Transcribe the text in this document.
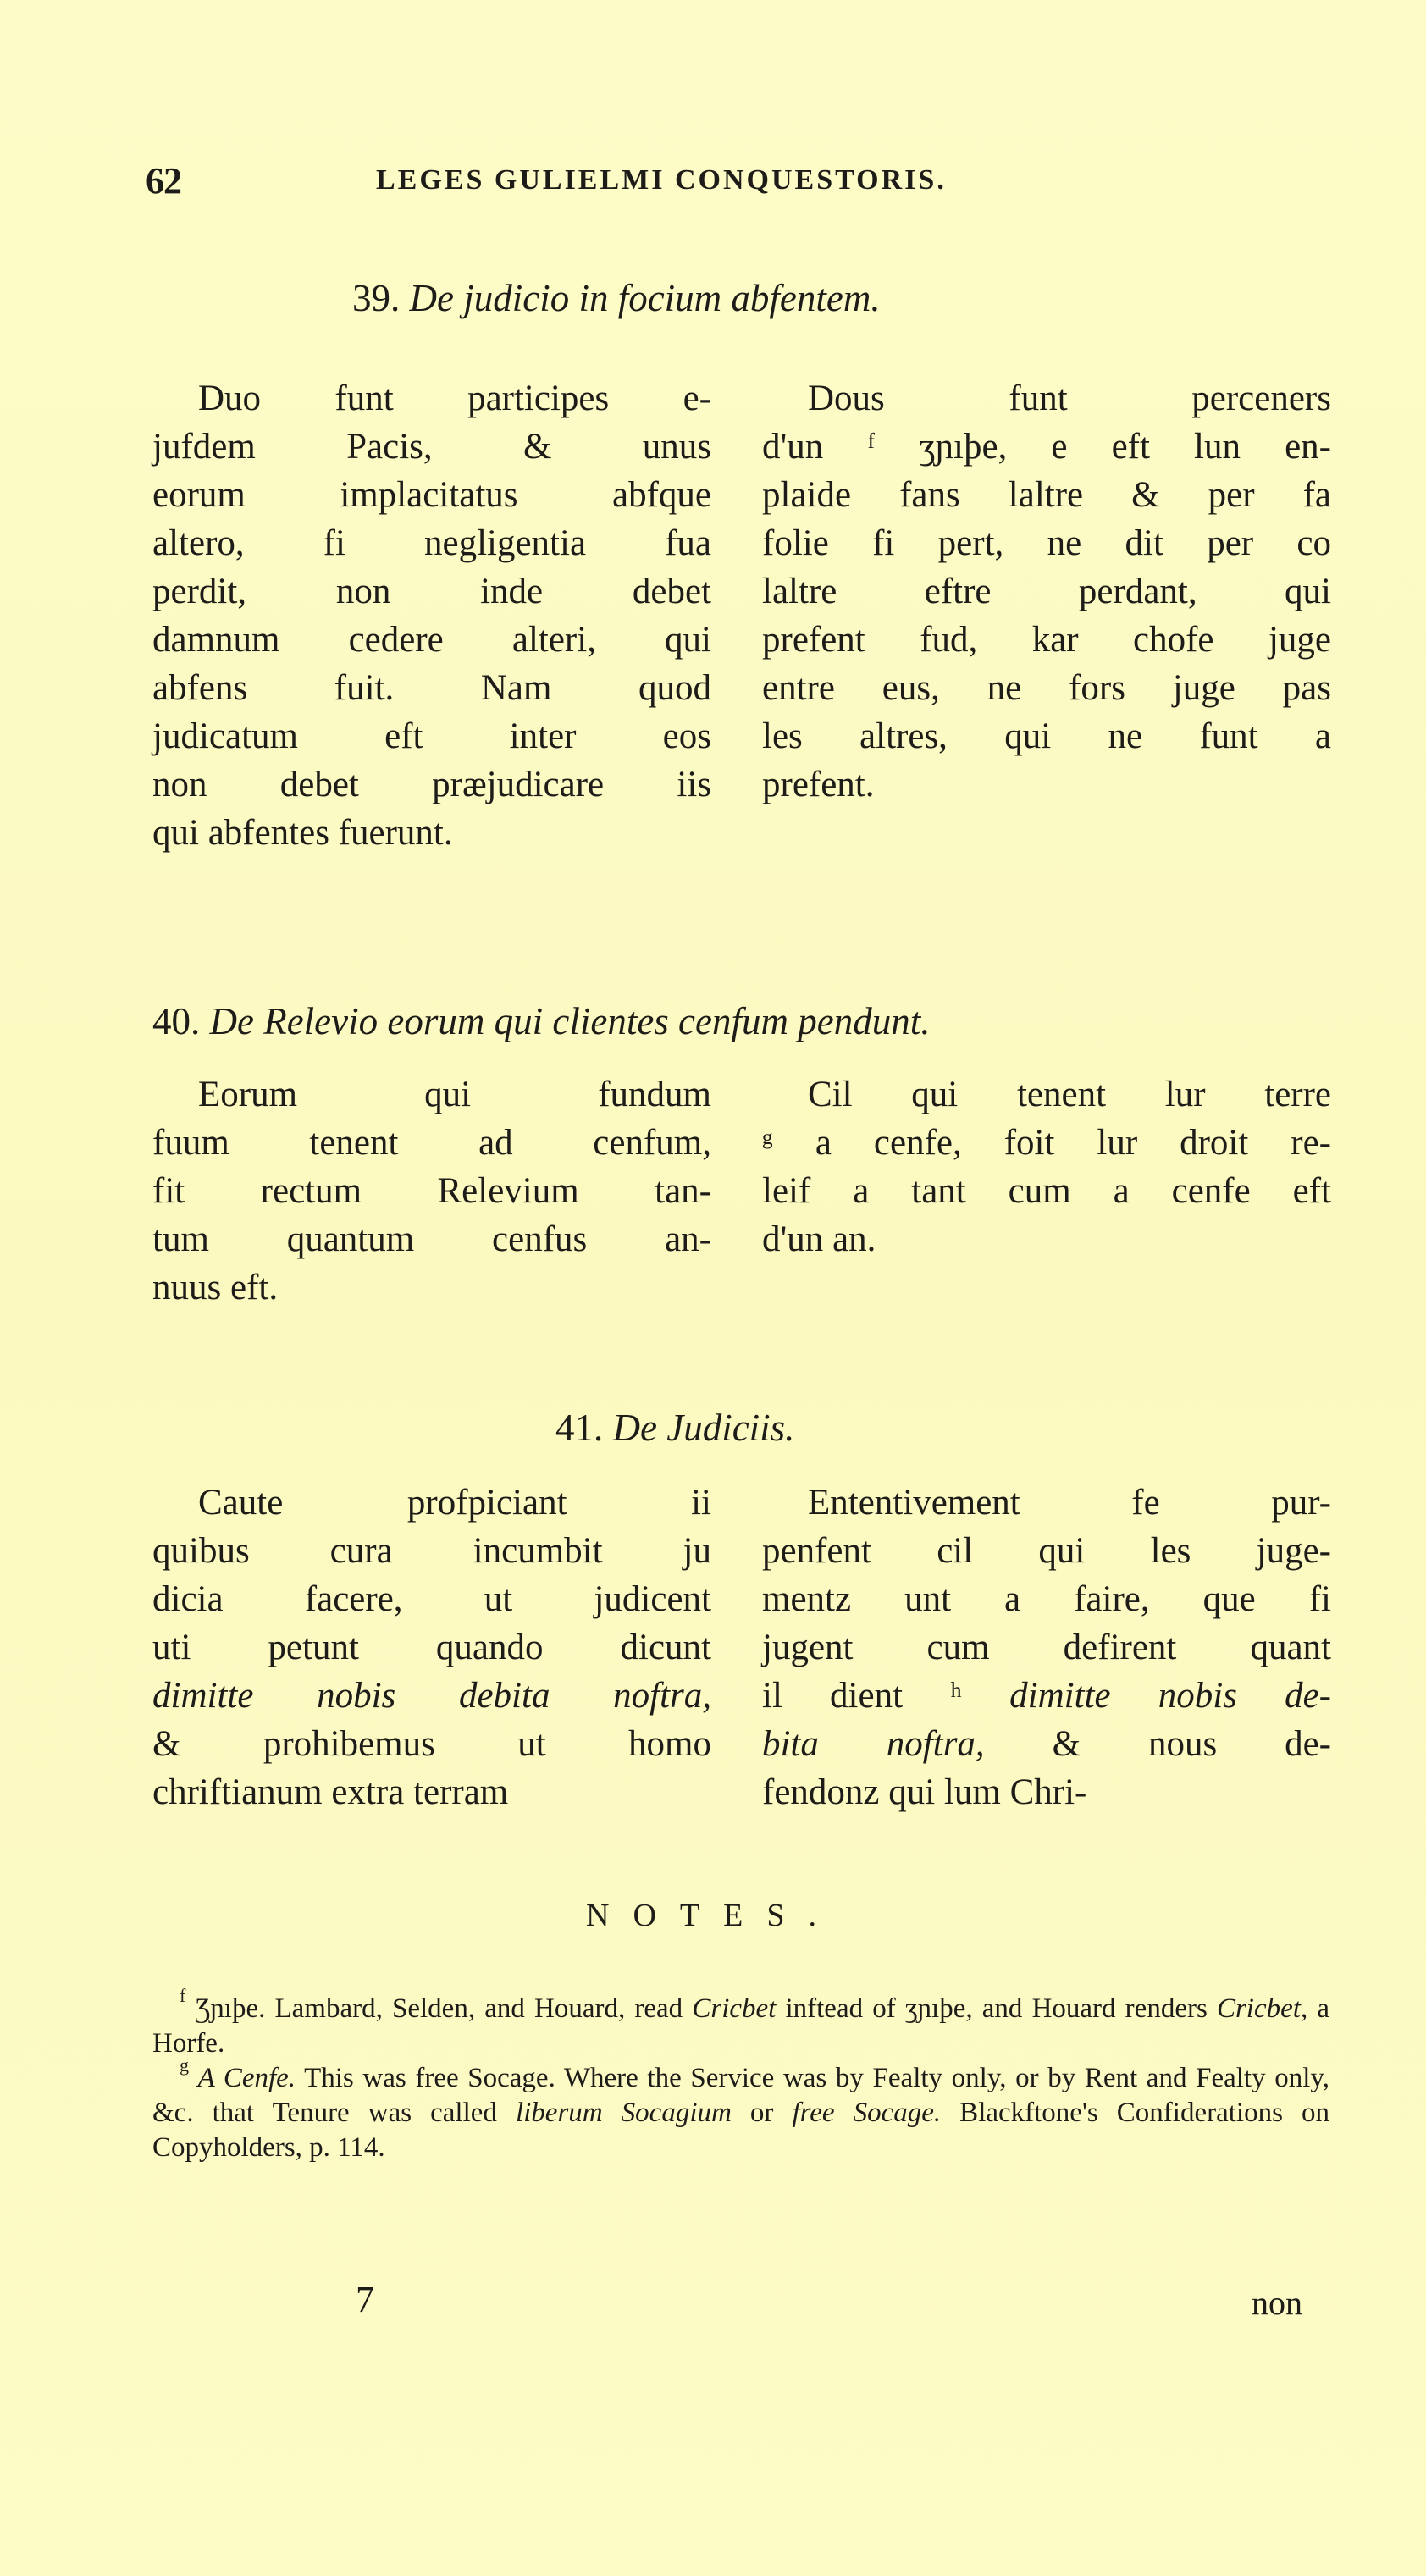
62	LEGES GULIELMI CONQUESTORIS.
39. De judicio in focium abfentem.
Duo funt participes e-
jufdem Pacis, & unus
eorum implacitatus abfque
altero, fi negligentia fua
perdit, non inde debet
damnum cedere alteri, qui
abfens fuit. Nam quod
judicatum eft inter eos
non debet præjudicare iis
qui abfentes fuerunt.
Dous funt perceners
d'un ᶠ ʒɲıþe, e eft lun en-
plaide fans laltre & per fa
folie fi pert, ne dit per co
laltre eftre perdant, qui
prefent fud, kar chofe juge
entre eus, ne fors juge pas
les altres, qui ne funt a
prefent.
40. De Relevio eorum qui clientes cenfum pendunt.
Eorum qui fundum
fuum tenent ad cenfum,
fit rectum Relevium tan-
tum quantum cenfus an-
nuus eft.
Cil qui tenent lur terre
ᵍ a cenfe, foit lur droit re-
leif a tant cum a cenfe eft
d'un an.
41. De Judiciis.
Caute profpiciant ii
quibus cura incumbit ju
dicia facere, ut judicent
uti petunt quando dicunt
dimitte nobis debita noftra,
& prohibemus ut homo
chriftianum extra terram
Ententivement fe pur-
penfent cil qui les juge-
mentz unt a faire, que fi
jugent cum defirent quant
il dient ʰ dimitte nobis de-
bita noftra, & nous de-
fendonz qui lum Chri-
NOTES.
$^f$ Ʒɲıþe. Lambard, Selden, and Houard, read Cricbet inftead of ʒɲıþe, and Houard renders Cricbet, a Horfe.
$^g$ A Cenfe. This was free Socage. Where the Service was by Fealty only, or by Rent and Fealty only, &c. that Tenure was called liberum Socagium or free Socage. Blackftone's Confiderations on Copyholders, p. 114.
7	non
